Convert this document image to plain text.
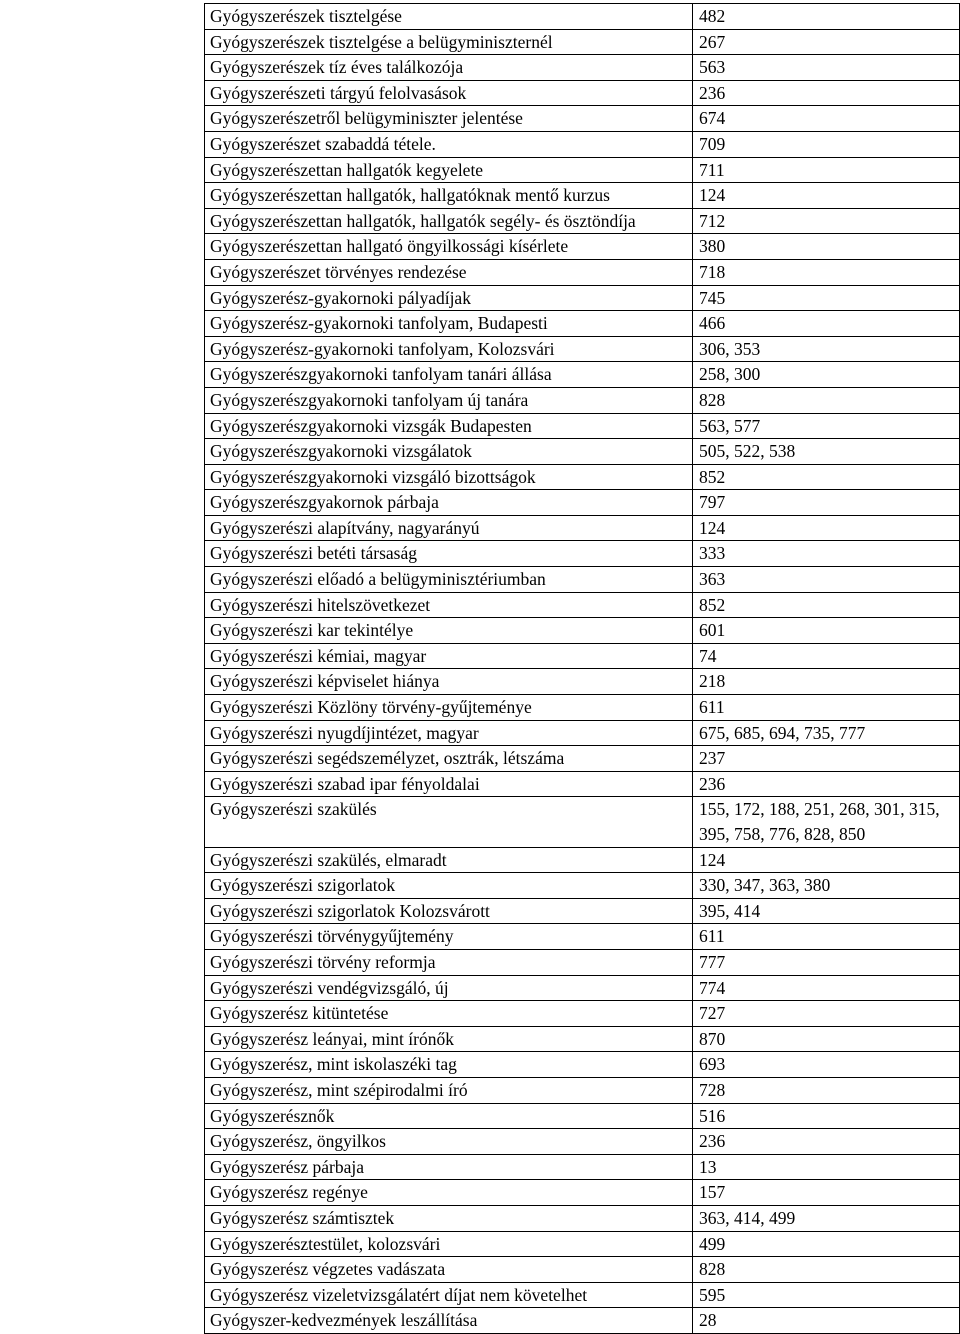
Gyógyszerészek tisztelgése	482
Gyógyszerészek tisztelgése a belügyminiszternél	267
Gyógyszerészek tíz éves találkozója	563
Gyógyszerészeti tárgyú felolvasások	236
Gyógyszerészetről belügyminiszter jelentése	674
Gyógyszerészet szabaddá tétele.	709
Gyógyszerészettan hallgatók kegyelete	711
Gyógyszerészettan hallgatók, hallgatóknak mentő kurzus	124
Gyógyszerészettan hallgatók, hallgatók segély- és ösztöndíja	712
Gyógyszerészettan hallgató öngyilkossági kísérlete	380
Gyógyszerészet törvényes rendezése	718
Gyógyszerész-gyakornoki pályadíjak	745
Gyógyszerész-gyakornoki tanfolyam, Budapesti	466
Gyógyszerész-gyakornoki tanfolyam, Kolozsvári	306, 353
Gyógyszerészgyakornoki tanfolyam tanári állása	258, 300
Gyógyszerészgyakornoki tanfolyam új tanára	828
Gyógyszerészgyakornoki vizsgák Budapesten	563, 577
Gyógyszerészgyakornoki vizsgálatok	505, 522, 538
Gyógyszerészgyakornoki vizsgáló bizottságok	852
Gyógyszerészgyakornok párbaja	797
Gyógyszerészi alapítvány, nagyarányú	124
Gyógyszerészi betéti társaság	333
Gyógyszerészi előadó a belügyminisztériumban	363
Gyógyszerészi hitelszövetkezet	852
Gyógyszerészi kar tekintélye	601
Gyógyszerészi kémiai, magyar	74
Gyógyszerészi képviselet hiánya	218
Gyógyszerészi Közlöny törvény-gyűjteménye	611
Gyógyszerészi nyugdíjintézet, magyar	675, 685, 694, 735, 777
Gyógyszerészi segédszemélyzet, osztrák, létszáma	237
Gyógyszerészi szabad ipar fényoldalai	236
Gyógyszerészi szakülés	155, 172, 188, 251, 268, 301, 315, 395, 758, 776, 828, 850
Gyógyszerészi szakülés, elmaradt	124
Gyógyszerészi szigorlatok	330, 347, 363, 380
Gyógyszerészi szigorlatok Kolozsvárott	395, 414
Gyógyszerészi törvénygyűjtemény	611
Gyógyszerészi törvény reformja	777
Gyógyszerészi vendégvizsgáló, új	774
Gyógyszerész kitüntetése	727
Gyógyszerész leányai, mint írónők	870
Gyógyszerész, mint iskolaszéki tag	693
Gyógyszerész, mint szépirodalmi író	728
Gyógyszerésznők	516
Gyógyszerész, öngyilkos	236
Gyógyszerész párbaja	13
Gyógyszerész regénye	157
Gyógyszerész számtisztek	363, 414, 499
Gyógyszerésztestület, kolozsvári	499
Gyógyszerész végzetes vadászata	828
Gyógyszerész vizeletvizsgálatért díjat nem követelhet	595
Gyógyszer-kedvezmények leszállítása	28
